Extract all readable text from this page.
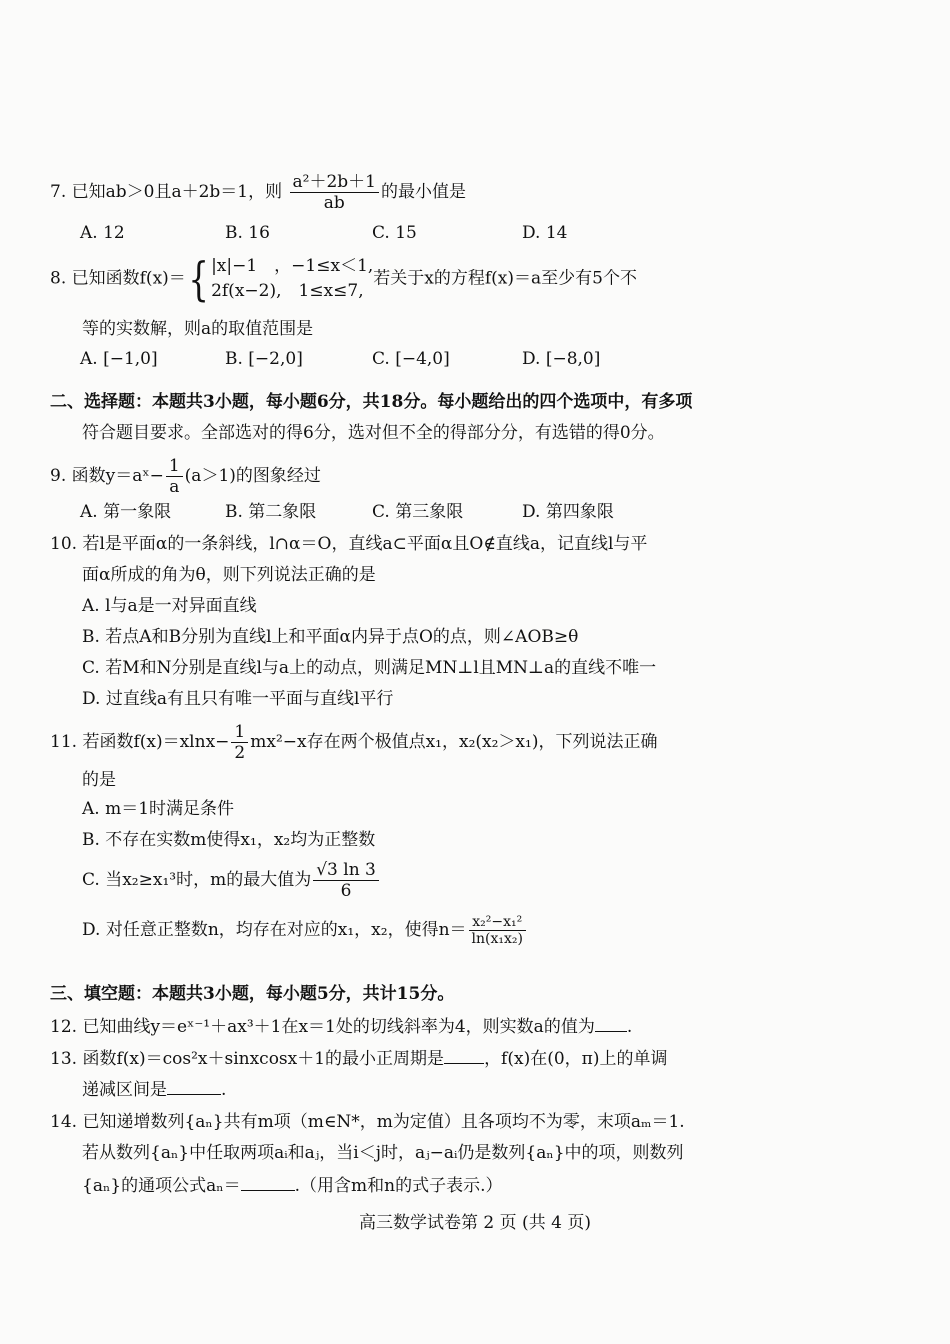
7. 已知ab＞0且a＋2b＝1，则 $\frac{\text{a²＋2b＋1}}{ab}$ 的最小值是
A. 12	B. 16	C. 15	D. 14
8. 已知函数f(x)＝{ |x|−1　，−1≤x＜1,
2f(x−2),　1≤x≤7,
若关于x的方程f(x)＝a至少有5个不
等的实数解，则a的取值范围是
A. [−1,0]	B. [−2,0]	C. [−4,0]	D. [−8,0]
二、选择题：本题共3小题，每小题6分，共18分。每小题给出的四个选项中，有多项
符合题目要求。全部选对的得6分，选对但不全的得部分分，有选错的得0分。
9. 函数y＝aˣ− $\frac{1}{a} (a>1)$的图象经过
A. 第一象限	B. 第二象限	C. 第三象限	D. 第四象限
10. 若l是平面α的一条斜线，l∩α＝O，直线a⊂平面α且O∉直线a，记直线l与平
面α所成的角为θ，则下列说法正确的是
A. l与a是一对异面直线
B. 若点A和B分别为直线l上和平面α内异于点O的点，则∠AOB≥θ
C. 若M和N分别是直线l与a上的动点，则满足MN⊥l且MN⊥a的直线不唯一
D. 过直线a有且只有唯一平面与直线l平行
11. 若函数$f(x)=xlnx- \frac{1}{2} mx^2-x$存在两个极值点x₁，x₂(x₂＞x₁)，下列说法正确
的是
A. m＝1时满足条件
B. 不存在实数m使得x₁，x₂均为正整数
C. 当x₂≥x₁³时，m的最大值为 $\frac{√3 \ln 3}{6}$
D. 对任意正整数n，均存在对应的x₁，x₂，使得$n= \frac{\text{x₂²−x₁²}}{\text{ln(x₁x₂)}}$
三、填空题：本题共3小题，每小题5分，共计15分。
12. 已知曲线y＝eˣ⁻¹＋ax³＋1在x＝1处的切线斜率为4，则实数a的值为 .
13. 函数f(x)＝cos²x＋sinxcosx＋1的最小正周期是 ，f(x)在(0，π)上的单调
递减区间是	.
14. 已知递增数列{aₙ}共有m项（m∈N*，m为定值）且各项均不为零，末项aₘ＝1.
若从数列{aₙ}中任取两项aᵢ和aⱼ，当i＜j时，aⱼ−aᵢ仍是数列{aₙ}中的项，则数列
{aₙ}的通项公式aₙ＝	.（用含m和n的式子表示.）
高三数学试卷第 2 页 (共 4 页)
